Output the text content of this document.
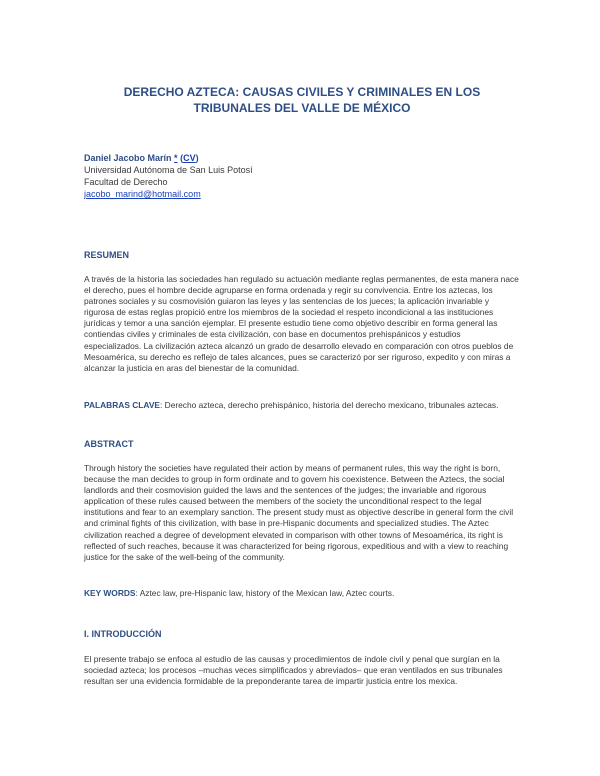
DERECHO AZTECA: CAUSAS CIVILES Y CRIMINALES EN LOS
TRIBUNALES DEL VALLE DE MÉXICO
Daniel Jacobo Marín * (CV)
Universidad Autónoma de San Luis Potosí
Facultad de Derecho
jacobo_marind@hotmail.com
RESUMEN
A través de la historia las sociedades han regulado su actuación mediante reglas permanentes, de esta manera nace el derecho, pues el hombre decide agruparse en forma ordenada y regir su convivencia. Entre los aztecas, los patrones sociales y su cosmovisión guiaron las leyes y las sentencias de los jueces; la aplicación invariable y rigurosa de estas reglas propició entre los miembros de la sociedad el respeto incondicional a las instituciones jurídicas y temor a una sanción ejemplar. El presente estudio tiene como objetivo describir en forma general las contiendas civiles y criminales de esta civilización, con base en documentos prehispánicos y estudios especializados. La civilización azteca alcanzó un grado de desarrollo elevado en comparación con otros pueblos de Mesoamérica, su derecho es reflejo de tales alcances, pues se caracterizó por ser riguroso, expedito y con miras a alcanzar la justicia en aras del bienestar de la comunidad.
PALABRAS CLAVE: Derecho azteca, derecho prehispánico, historia del derecho mexicano, tribunales aztecas.
ABSTRACT
Through history the societies have regulated their action by means of permanent rules, this way the right is born, because the man decides to group in form ordinate and to govern his coexistence. Between the Aztecs, the social landlords and their cosmovision guided the laws and the sentences of the judges; the invariable and rigorous application of these rules caused between the members of the society the unconditional respect to the legal institutions and fear to an exemplary sanction. The present study must as objective describe in general form the civil and criminal fights of this civilization, with base in pre-Hispanic documents and specialized studies. The Aztec civilization reached a degree of development elevated in comparison with other towns of Mesoamérica, its right is reflected of such reaches, because it was characterized for being rigorous, expeditious and with a view to reaching justice for the sake of the well-being of the community.
KEY WORDS: Aztec law, pre-Hispanic law, history of the Mexican law, Aztec courts.
I. INTRODUCCIÓN
El presente trabajo se enfoca al estudio de las causas y procedimientos de índole civil y penal que surgían en la sociedad azteca; los procesos –muchas veces simplificados y abreviados– que eran ventilados en sus tribunales resultan ser una evidencia formidable de la preponderante tarea de impartir justicia entre los mexica.
